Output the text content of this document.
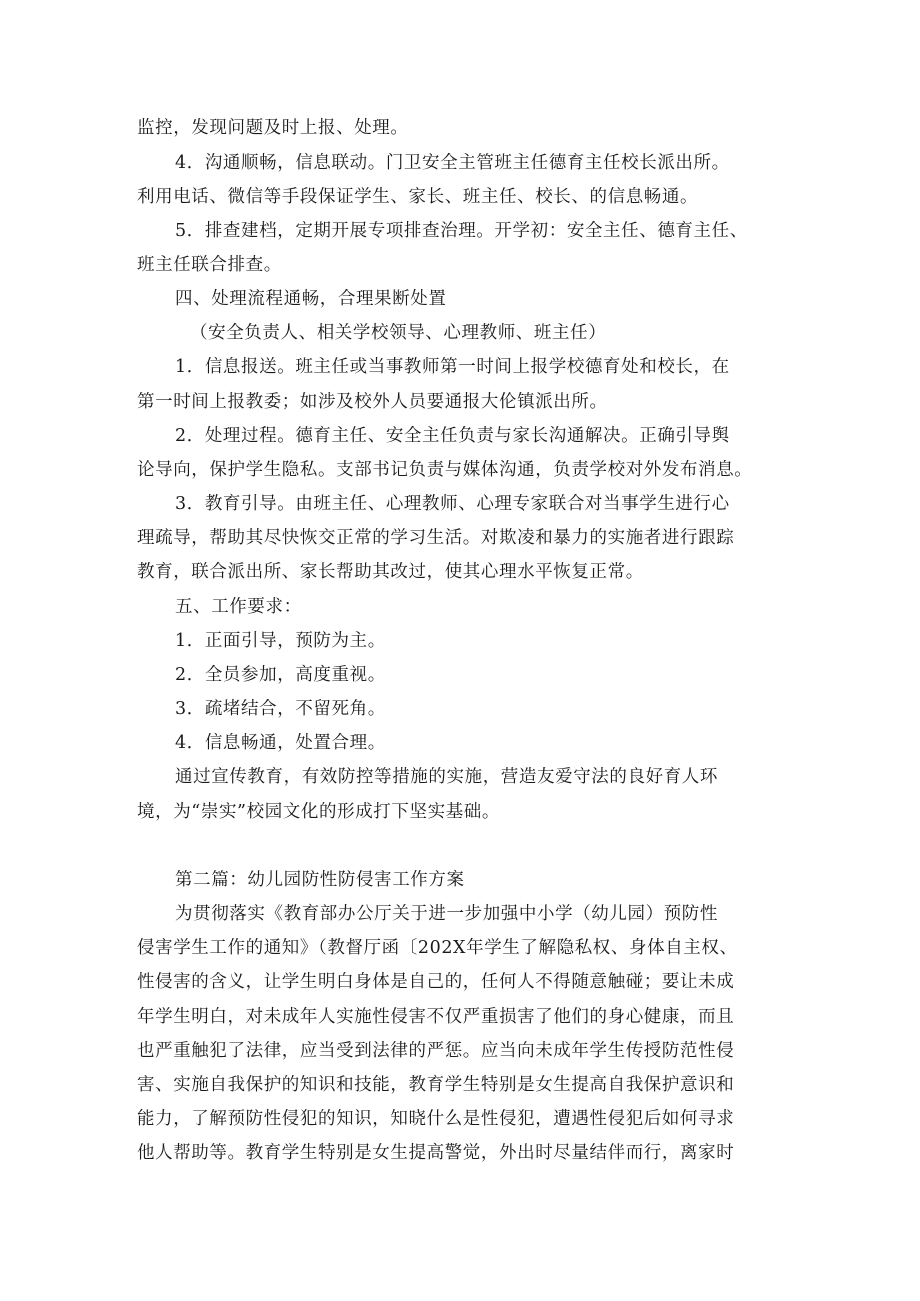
监控，发现问题及时上报、处理。

4．沟通顺畅，信息联动。门卫安全主管班主任德育主任校长派出所。

利用电话、微信等手段保证学生、家长、班主任、校长、的信息畅通。

5．排查建档，定期开展专项排查治理。开学初：安全主任、德育主任、

班主任联合排查。

四、处理流程通畅，合理果断处置

（安全负责人、相关学校领导、心理教师、班主任）

1．信息报送。班主任或当事教师第一时间上报学校德育处和校长，在

第一时间上报教委；如涉及校外人员要通报大伦镇派出所。

2．处理过程。德育主任、安全主任负责与家长沟通解决。正确引导舆

论导向，保护学生隐私。支部书记负责与媒体沟通，负责学校对外发布消息。

3．教育引导。由班主任、心理教师、心理专家联合对当事学生进行心

理疏导，帮助其尽快恢交正常的学习生活。对欺凌和暴力的实施者进行跟踪

教育，联合派出所、家长帮助其改过，使其心理水平恢复正常。

五、工作要求：

1．正面引导，预防为主。

2．全员参加，高度重视。

3．疏堵结合，不留死角。

4．信息畅通，处置合理。

通过宣传教育，有效防控等措施的实施，营造友爱守法的良好育人环

境，为“崇实”校园文化的形成打下坚实基础。

第二篇：幼儿园防性防侵害工作方案

为贯彻落实《教育部办公厅关于进一步加强中小学（幼儿园）预防性

侵害学生工作的通知》（教督厅函〔202X年学生了解隐私权、身体自主权、

性侵害的含义，让学生明白身体是自己的，任何人不得随意触碰；要让未成

年学生明白，对未成年人实施性侵害不仅严重损害了他们的身心健康，而且

也严重触犯了法律，应当受到法律的严惩。应当向未成年学生传授防范性侵

害、实施自我保护的知识和技能，教育学生特别是女生提高自我保护意识和

能力，了解预防性侵犯的知识，知晓什么是性侵犯，遭遇性侵犯后如何寻求

他人帮助等。教育学生特别是女生提高警觉，外出时尽量结伴而行，离家时
